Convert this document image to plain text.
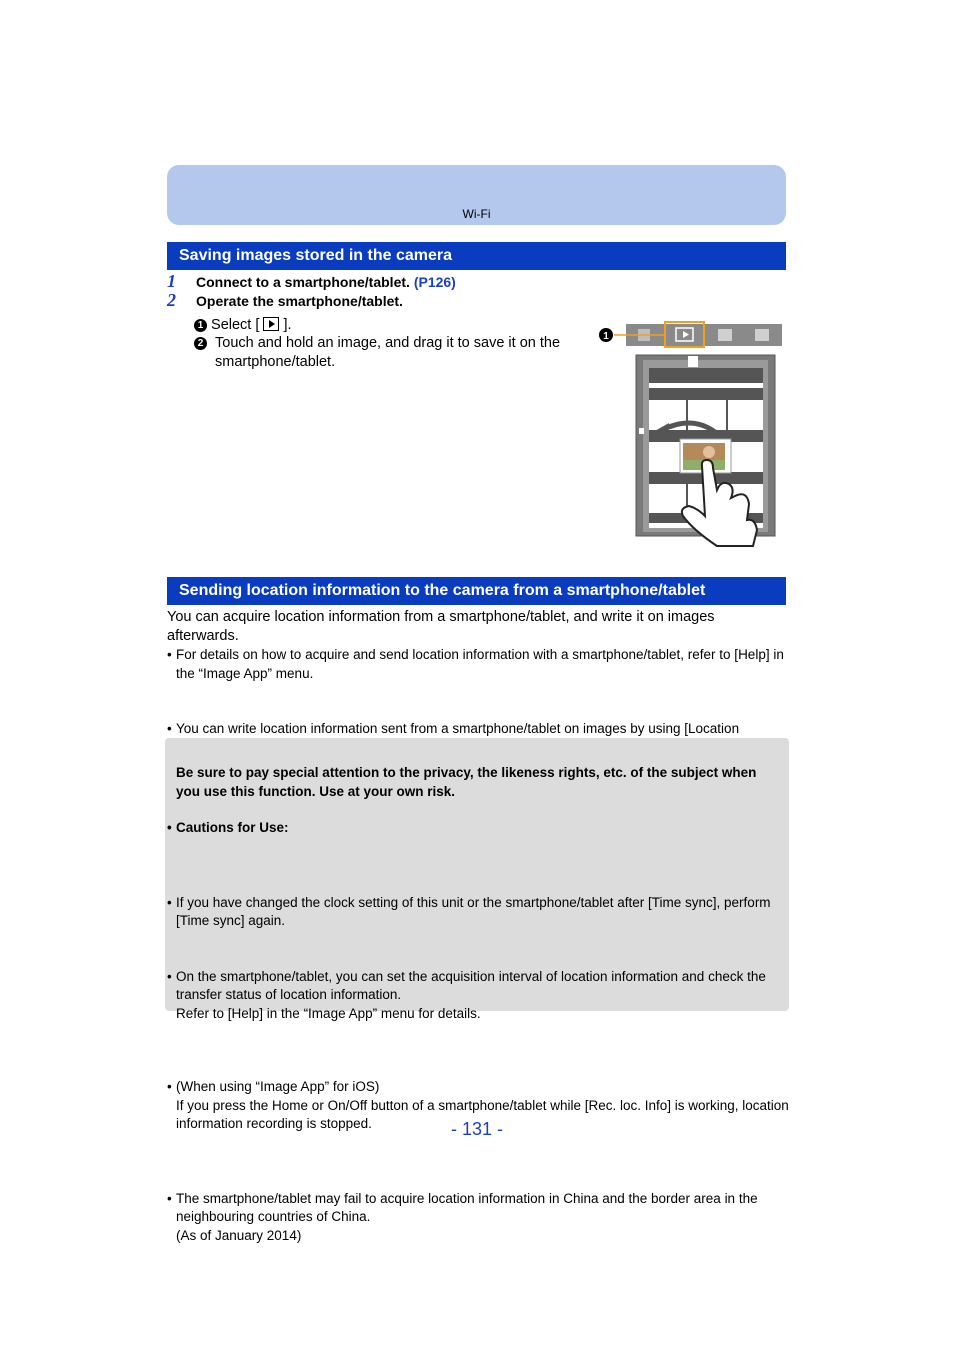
Wi-Fi
Saving images stored in the camera
1 Connect to a smartphone/tablet. (P126)
2 Operate the smartphone/tablet.
1 Select [ ].
2 Touch and hold an image, and drag it to save it on the smartphone/tablet.
1
Sending location information to the camera from a smartphone/tablet
You can acquire location information from a smartphone/tablet, and write it on images afterwards.
• For details on how to acquire and send location information with a smartphone/tablet, refer to [Help] in the “Image App” menu.
• You can write location information sent from a smartphone/tablet on images by using [Location
• Cautions for Use:
Be sure to pay special attention to the privacy, the likeness rights, etc. of the subject when you use this function. Use at your own risk.
• If you have changed the clock setting of this unit or the smartphone/tablet after [Time sync], perform [Time sync] again.
• On the smartphone/tablet, you can set the acquisition interval of location information and check the transfer status of location information.
Refer to [Help] in the “Image App” menu for details.
• (When using “Image App” for iOS)
If you press the Home or On/Off button of a smartphone/tablet while [Rec. loc. Info] is working, location information recording is stopped.
• The smartphone/tablet may fail to acquire location information in China and the border area in the neighbouring countries of China.
(As of January 2014)
- 131 -
